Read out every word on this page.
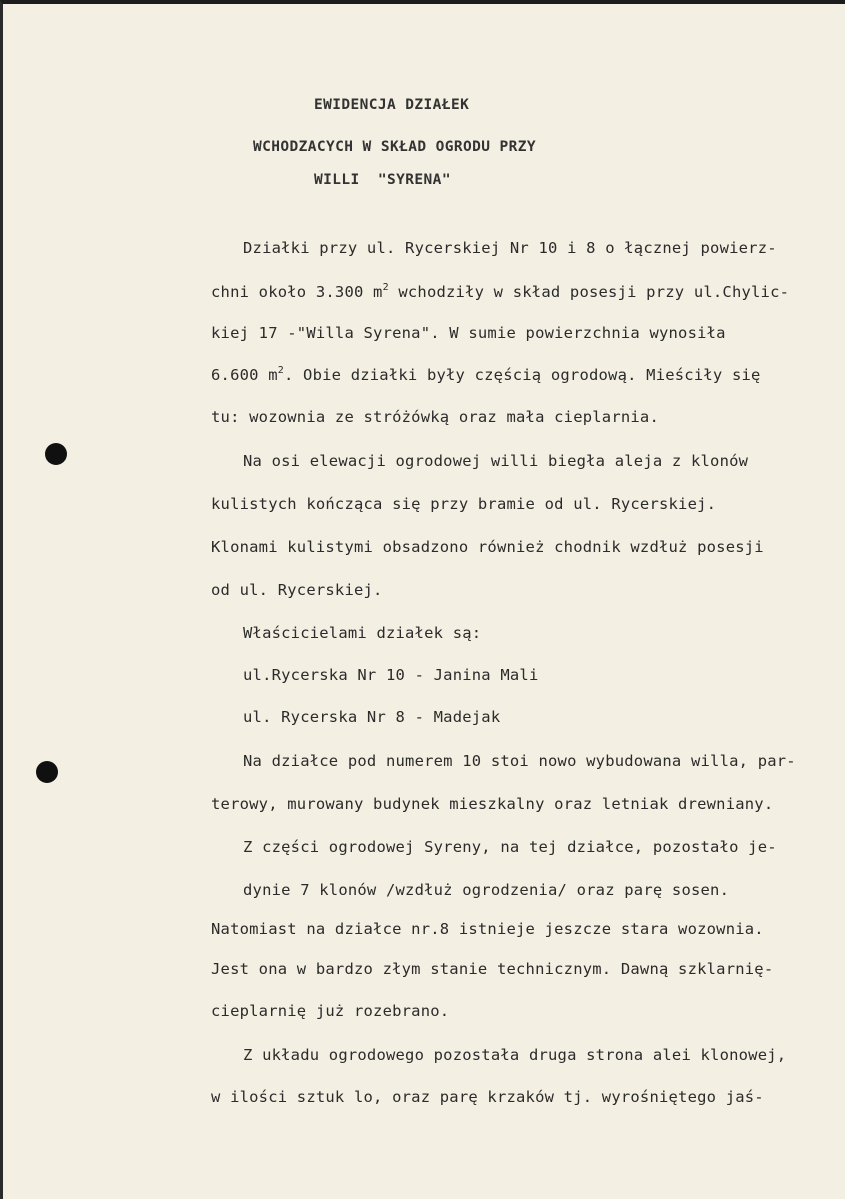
EWIDENCJA DZIAŁEK
WCHODZACYCH W SKŁAD OGRODU PRZY
WILLI  "SYRENA"
Działki przy ul. Rycerskiej Nr 10 i 8 o łącznej powierz-
chni około 3.300 $m^2$ wchodziły w skład posesji przy ul.Chylic-
kiej 17 -"Willa Syrena". W sumie powierzchnia wynosiła
6.600 $m^2$. Obie działki były częścią ogrodową. Mieściły się
tu: wozownia ze stróżówką oraz mała cieplarnia.
Na osi elewacji ogrodowej willi biegła aleja z klonów
kulistych kończąca się przy bramie od ul. Rycerskiej.
Klonami kulistymi obsadzono również chodnik wzdłuż posesji
od ul. Rycerskiej.
Właścicielami działek są:
ul.Rycerska Nr 10 - Janina Mali
ul. Rycerska Nr 8 - Madejak
Na działce pod numerem 10 stoi nowo wybudowana willa, par-
terowy, murowany budynek mieszkalny oraz letniak drewniany.
Z części ogrodowej Syreny, na tej działce, pozostało je-
dynie 7 klonów /wzdłuż ogrodzenia/ oraz parę sosen.
Natomiast na działce nr.8 istnieje jeszcze stara wozownia.
Jest ona w bardzo złym stanie technicznym. Dawną szklarnię-
cieplarnię już rozebrano.
Z układu ogrodowego pozostała druga strona alei klonowej,
w ilości sztuk lo, oraz parę krzaków tj. wyrośniętego jaś-
